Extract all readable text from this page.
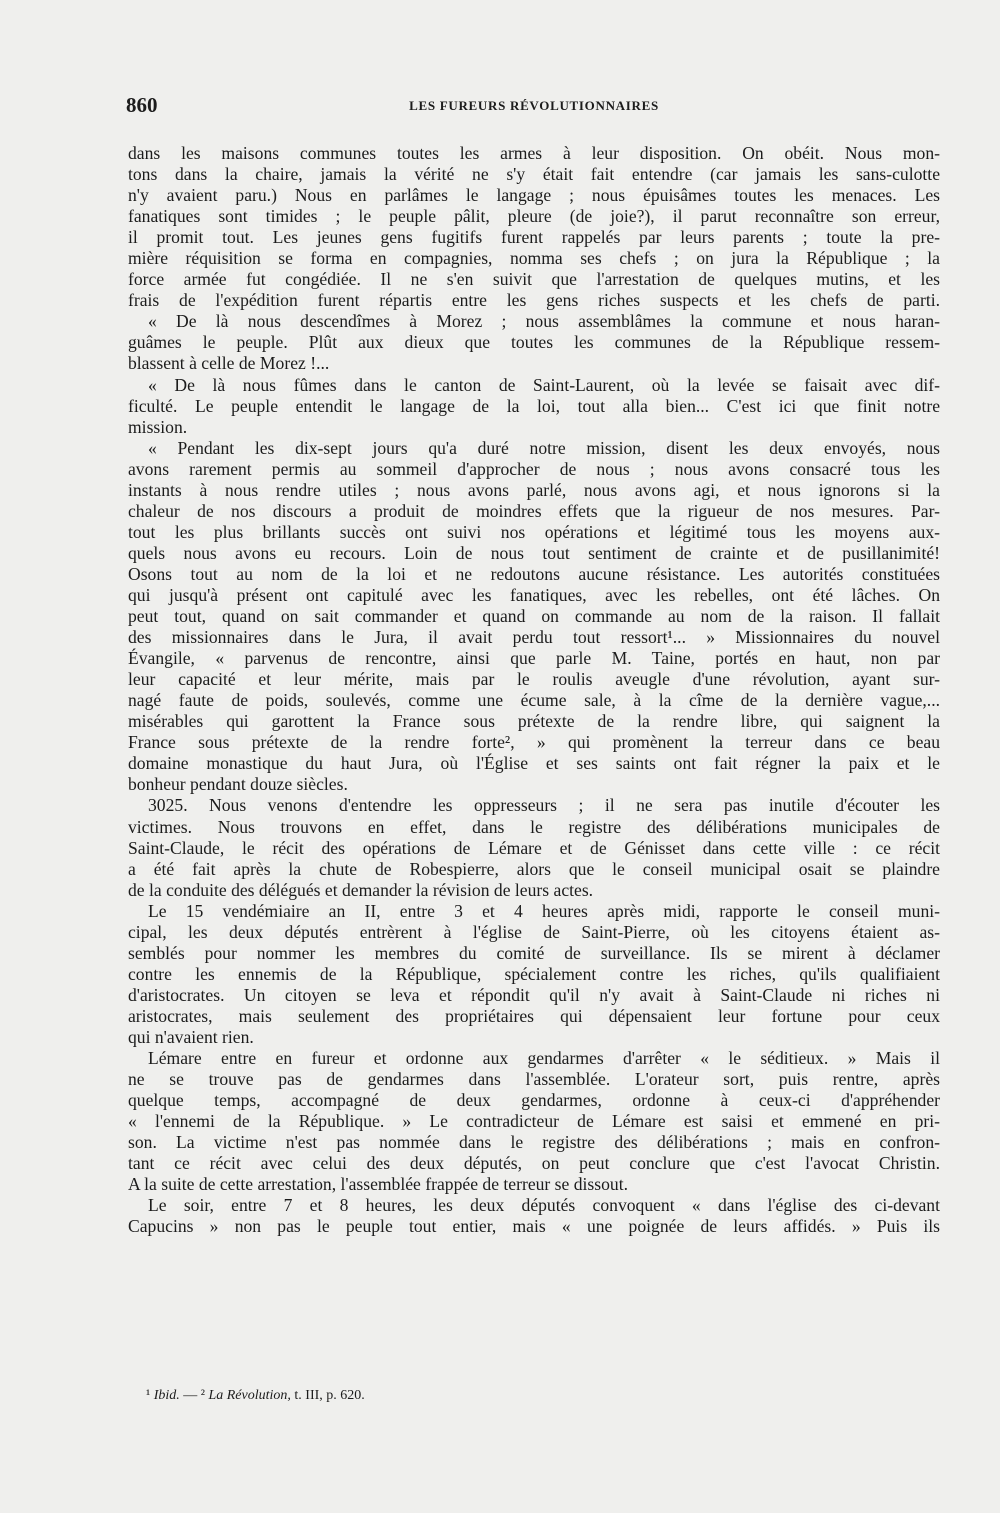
860	LES FUREURS RÉVOLUTIONNAIRES
dans les maisons communes toutes les armes à leur disposition. On obéit. Nous mon-
tons dans la chaire, jamais la vérité ne s'y était fait entendre (car jamais les sans-culotte
n'y avaient paru.) Nous en parlâmes le langage ; nous épuisâmes toutes les menaces. Les
fanatiques sont timides ; le peuple pâlit, pleure (de joie?), il parut reconnaître son erreur,
il promit tout. Les jeunes gens fugitifs furent rappelés par leurs parents ; toute la pre-
mière réquisition se forma en compagnies, nomma ses chefs ; on jura la République ; la
force armée fut congédiée. Il ne s'en suivit que l'arrestation de quelques mutins, et les
frais de l'expédition furent répartis entre les gens riches suspects et les chefs de parti.
« De là nous descendîmes à Morez ; nous assemblâmes la commune et nous haran-
guâmes le peuple. Plût aux dieux que toutes les communes de la République ressem-
blassent à celle de Morez !...
« De là nous fûmes dans le canton de Saint-Laurent, où la levée se faisait avec dif-
ficulté. Le peuple entendit le langage de la loi, tout alla bien... C'est ici que finit notre
mission.
« Pendant les dix-sept jours qu'a duré notre mission, disent les deux envoyés, nous
avons rarement permis au sommeil d'approcher de nous ; nous avons consacré tous les
instants à nous rendre utiles ; nous avons parlé, nous avons agi, et nous ignorons si la
chaleur de nos discours a produit de moindres effets que la rigueur de nos mesures. Par-
tout les plus brillants succès ont suivi nos opérations et légitimé tous les moyens aux-
quels nous avons eu recours. Loin de nous tout sentiment de crainte et de pusillanimité!
Osons tout au nom de la loi et ne redoutons aucune résistance. Les autorités constituées
qui jusqu'à présent ont capitulé avec les fanatiques, avec les rebelles, ont été lâches. On
peut tout, quand on sait commander et quand on commande au nom de la raison. Il fallait
des missionnaires dans le Jura, il avait perdu tout ressort¹... » Missionnaires du nouvel
Évangile, « parvenus de rencontre, ainsi que parle M. Taine, portés en haut, non par
leur capacité et leur mérite, mais par le roulis aveugle d'une révolution, ayant sur-
nagé faute de poids, soulevés, comme une écume sale, à la cîme de la dernière vague,...
misérables qui garottent la France sous prétexte de la rendre libre, qui saignent la
France sous prétexte de la rendre forte², » qui promènent la terreur dans ce beau
domaine monastique du haut Jura, où l'Église et ses saints ont fait régner la paix et le
bonheur pendant douze siècles.
3025. Nous venons d'entendre les oppresseurs ; il ne sera pas inutile d'écouter les
victimes. Nous trouvons en effet, dans le registre des délibérations municipales de
Saint-Claude, le récit des opérations de Lémare et de Génisset dans cette ville : ce récit
a été fait après la chute de Robespierre, alors que le conseil municipal osait se plaindre
de la conduite des délégués et demander la révision de leurs actes.
Le 15 vendémiaire an II, entre 3 et 4 heures après midi, rapporte le conseil muni-
cipal, les deux députés entrèrent à l'église de Saint-Pierre, où les citoyens étaient as-
semblés pour nommer les membres du comité de surveillance. Ils se mirent à déclamer
contre les ennemis de la République, spécialement contre les riches, qu'ils qualifiaient
d'aristocrates. Un citoyen se leva et répondit qu'il n'y avait à Saint-Claude ni riches ni
aristocrates, mais seulement des propriétaires qui dépensaient leur fortune pour ceux
qui n'avaient rien.
Lémare entre en fureur et ordonne aux gendarmes d'arrêter « le séditieux. » Mais il
ne se trouve pas de gendarmes dans l'assemblée. L'orateur sort, puis rentre, après
quelque temps, accompagné de deux gendarmes, ordonne à ceux-ci d'appréhender
« l'ennemi de la République. » Le contradicteur de Lémare est saisi et emmené en pri-
son. La victime n'est pas nommée dans le registre des délibérations ; mais en confron-
tant ce récit avec celui des deux députés, on peut conclure que c'est l'avocat Christin.
A la suite de cette arrestation, l'assemblée frappée de terreur se dissout.
Le soir, entre 7 et 8 heures, les deux députés convoquent « dans l'église des ci-devant
Capucins » non pas le peuple tout entier, mais « une poignée de leurs affidés. » Puis ils
¹ Ibid. — ² La Révolution, t. III, p. 620.
